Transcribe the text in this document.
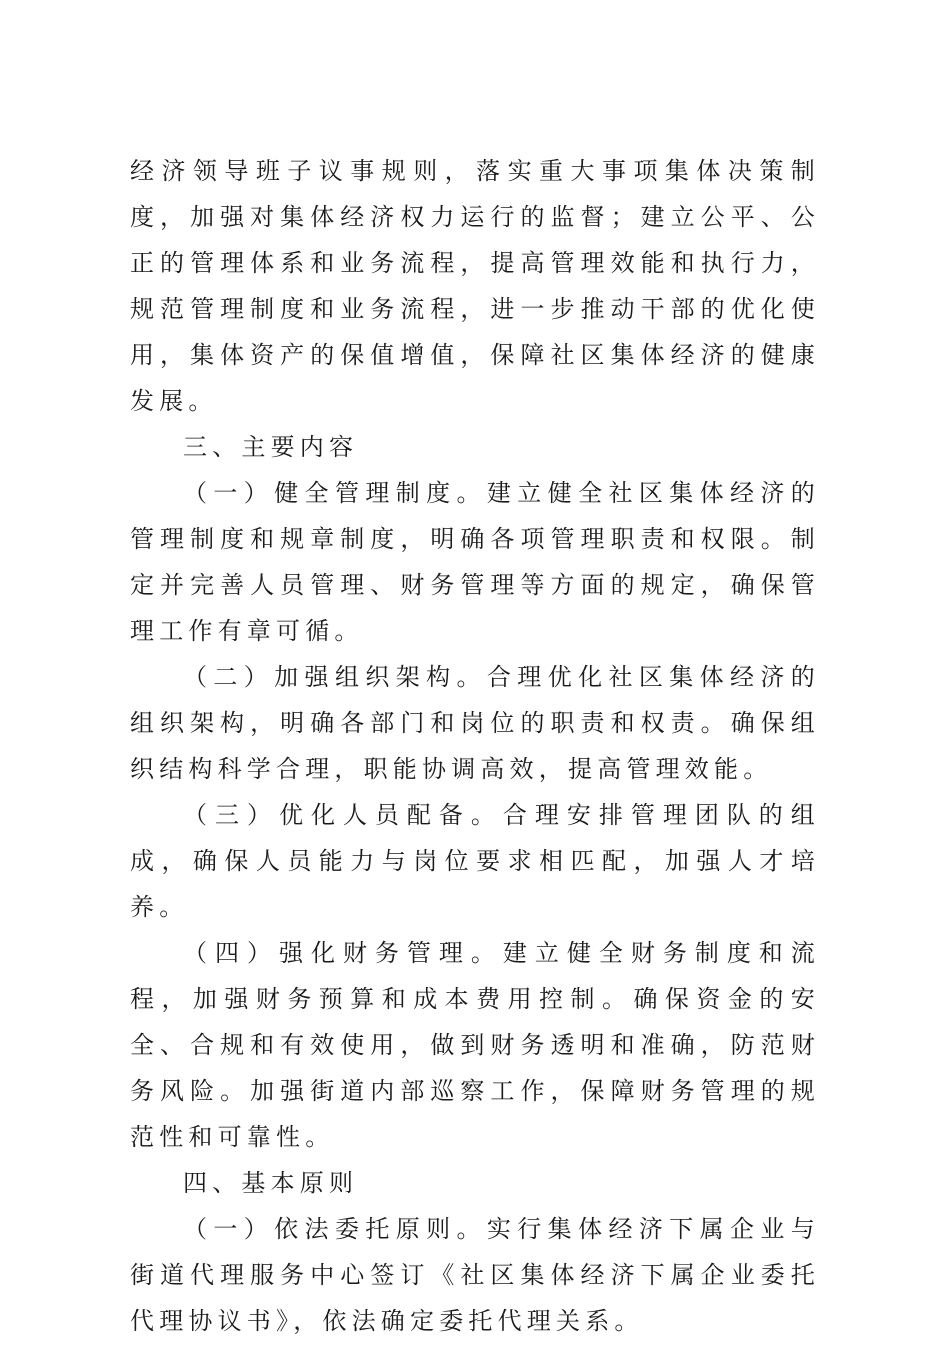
经济领导班子议事规则，落实重大事项集体决策制度，加强对集体经济权力运行的监督；建立公平、公正的管理体系和业务流程，提高管理效能和执行力，规范管理制度和业务流程，进一步推动干部的优化使用，集体资产的保值增值，保障社区集体经济的健康发展。

三、主要内容

（一）健全管理制度。建立健全社区集体经济的管理制度和规章制度，明确各项管理职责和权限。制定并完善人员管理、财务管理等方面的规定，确保管理工作有章可循。

（二）加强组织架构。合理优化社区集体经济的组织架构，明确各部门和岗位的职责和权责。确保组织结构科学合理，职能协调高效，提高管理效能。

（三）优化人员配备。合理安排管理团队的组成，确保人员能力与岗位要求相匹配，加强人才培养。

（四）强化财务管理。建立健全财务制度和流程，加强财务预算和成本费用控制。确保资金的安全、合规和有效使用，做到财务透明和准确，防范财务风险。加强街道内部巡察工作，保障财务管理的规范性和可靠性。

四、基本原则

（一）依法委托原则。实行集体经济下属企业与街道代理服务中心签订《社区集体经济下属企业委托代理协议书》，依法确定委托代理关系。
